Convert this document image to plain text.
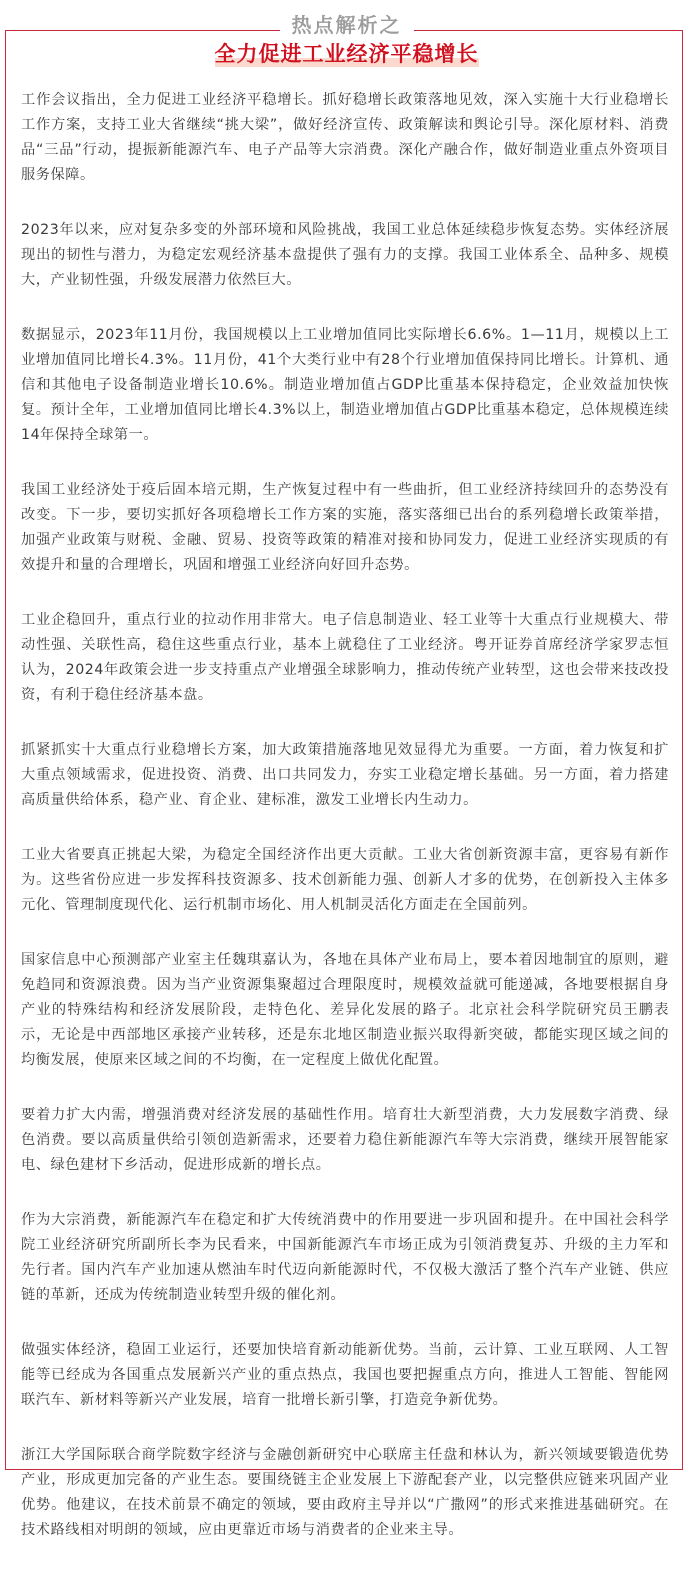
热点解析之
全力促进工业经济平稳增长

工作会议指出，全力促进工业经济平稳增长。抓好稳增长政策落地见效，深入实施十大行业稳增长工作方案，支持工业大省继续“挑大梁”，做好经济宣传、政策解读和舆论引导。深化原材料、消费品“三品”行动，提振新能源汽车、电子产品等大宗消费。深化产融合作，做好制造业重点外资项目服务保障。

2023年以来，应对复杂多变的外部环境和风险挑战，我国工业总体延续稳步恢复态势。实体经济展现出的韧性与潜力，为稳定宏观经济基本盘提供了强有力的支撑。我国工业体系全、品种多、规模大，产业韧性强，升级发展潜力依然巨大。

数据显示，2023年11月份，我国规模以上工业增加值同比实际增长6.6%。1—11月，规模以上工业增加值同比增长4.3%。11月份，41个大类行业中有28个行业增加值保持同比增长。计算机、通信和其他电子设备制造业增长10.6%。制造业增加值占GDP比重基本保持稳定，企业效益加快恢复。预计全年，工业增加值同比增长4.3%以上，制造业增加值占GDP比重基本稳定，总体规模连续14年保持全球第一。

我国工业经济处于疫后固本培元期，生产恢复过程中有一些曲折，但工业经济持续回升的态势没有改变。下一步，要切实抓好各项稳增长工作方案的实施，落实落细已出台的系列稳增长政策举措，加强产业政策与财税、金融、贸易、投资等政策的精准对接和协同发力，促进工业经济实现质的有效提升和量的合理增长，巩固和增强工业经济向好回升态势。

工业企稳回升，重点行业的拉动作用非常大。电子信息制造业、轻工业等十大重点行业规模大、带动性强、关联性高，稳住这些重点行业，基本上就稳住了工业经济。粤开证券首席经济学家罗志恒认为，2024年政策会进一步支持重点产业增强全球影响力，推动传统产业转型，这也会带来技改投资，有利于稳住经济基本盘。

抓紧抓实十大重点行业稳增长方案，加大政策措施落地见效显得尤为重要。一方面，着力恢复和扩大重点领域需求，促进投资、消费、出口共同发力，夯实工业稳定增长基础。另一方面，着力搭建高质量供给体系，稳产业、育企业、建标准，激发工业增长内生动力。

工业大省要真正挑起大梁，为稳定全国经济作出更大贡献。工业大省创新资源丰富，更容易有新作为。这些省份应进一步发挥科技资源多、技术创新能力强、创新人才多的优势，在创新投入主体多元化、管理制度现代化、运行机制市场化、用人机制灵活化方面走在全国前列。

国家信息中心预测部产业室主任魏琪嘉认为，各地在具体产业布局上，要本着因地制宜的原则，避免趋同和资源浪费。因为当产业资源集聚超过合理限度时，规模效益就可能递减，各地要根据自身产业的特殊结构和经济发展阶段，走特色化、差异化发展的路子。北京社会科学院研究员王鹏表示，无论是中西部地区承接产业转移，还是东北地区制造业振兴取得新突破，都能实现区域之间的均衡发展，使原来区域之间的不均衡，在一定程度上做优化配置。

要着力扩大内需，增强消费对经济发展的基础性作用。培育壮大新型消费，大力发展数字消费、绿色消费。要以高质量供给引领创造新需求，还要着力稳住新能源汽车等大宗消费，继续开展智能家电、绿色建材下乡活动，促进形成新的增长点。

作为大宗消费，新能源汽车在稳定和扩大传统消费中的作用要进一步巩固和提升。在中国社会科学院工业经济研究所副所长李为民看来，中国新能源汽车市场正成为引领消费复苏、升级的主力军和先行者。国内汽车产业加速从燃油车时代迈向新能源时代，不仅极大激活了整个汽车产业链、供应链的革新，还成为传统制造业转型升级的催化剂。

做强实体经济，稳固工业运行，还要加快培育新动能新优势。当前，云计算、工业互联网、人工智能等已经成为各国重点发展新兴产业的重点热点，我国也要把握重点方向，推进人工智能、智能网联汽车、新材料等新兴产业发展，培育一批增长新引擎，打造竞争新优势。

浙江大学国际联合商学院数字经济与金融创新研究中心联席主任盘和林认为，新兴领域要锻造优势产业，形成更加完备的产业生态。要围绕链主企业发展上下游配套产业，以完整供应链来巩固产业优势。他建议，在技术前景不确定的领域，要由政府主导并以“广撒网”的形式来推进基础研究。在技术路线相对明朗的领域，应由更靠近市场与消费者的企业来主导。
